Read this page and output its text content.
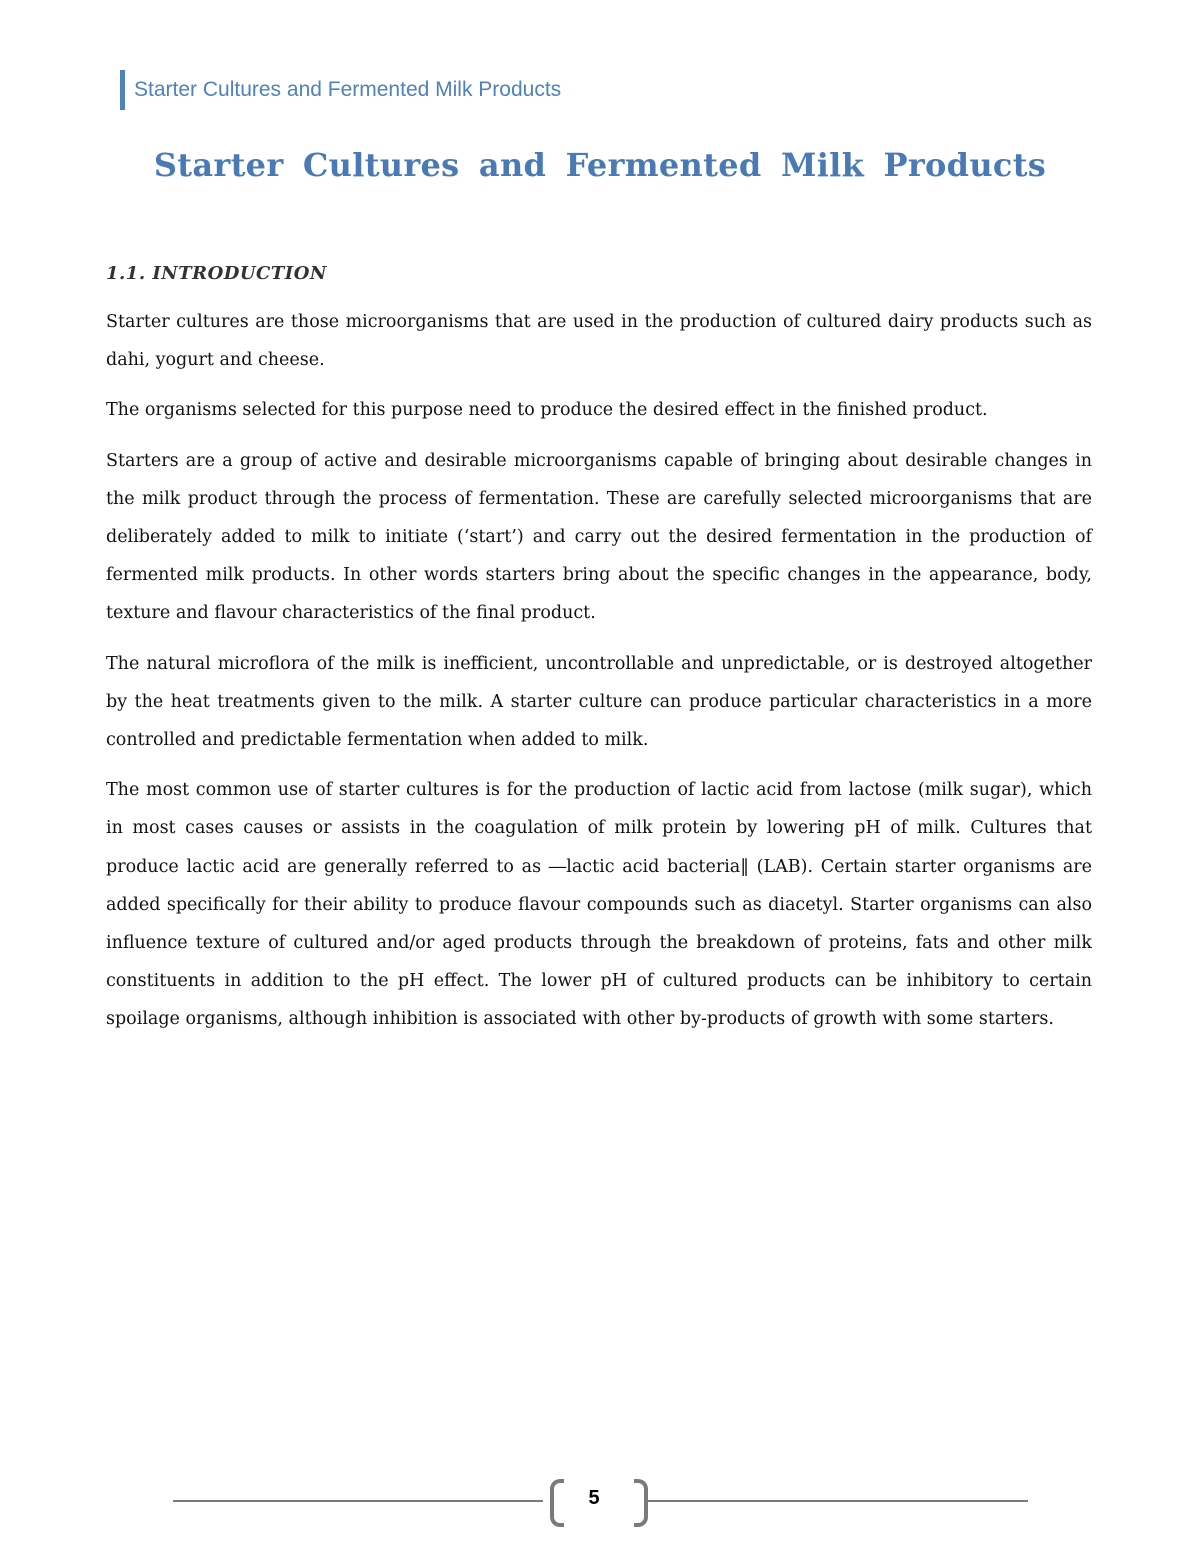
Starter Cultures and Fermented Milk Products
Starter Cultures and Fermented Milk Products
1.1. INTRODUCTION

Starter cultures are those microorganisms that are used in the production of cultured dairy products such as dahi, yogurt and cheese.

The organisms selected for this purpose need to produce the desired effect in the finished product.

Starters are a group of active and desirable microorganisms capable of bringing about desirable changes in the milk product through the process of fermentation. These are carefully selected microorganisms that are deliberately added to milk to initiate (‘start’) and carry out the desired fermentation in the production of fermented milk products. In other words starters bring about the specific changes in the appearance, body, texture and flavour characteristics of the final product.

The natural microflora of the milk is inefficient, uncontrollable and unpredictable, or is destroyed altogether by the heat treatments given to the milk. A starter culture can produce particular characteristics in a more controlled and predictable fermentation when added to milk.

The most common use of starter cultures is for the production of lactic acid from lactose (milk sugar), which in most cases causes or assists in the coagulation of milk protein by lowering pH of milk. Cultures that produce lactic acid are generally referred to as ―lactic acid bacteria‖ (LAB). Certain starter organisms are added specifically for their ability to produce flavour compounds such as diacetyl. Starter organisms can also influence texture of cultured and/or aged products through the breakdown of proteins, fats and other milk constituents in addition to the pH effect. The lower pH of cultured products can be inhibitory to certain spoilage organisms, although inhibition is associated with other by-products of growth with some starters.

5
